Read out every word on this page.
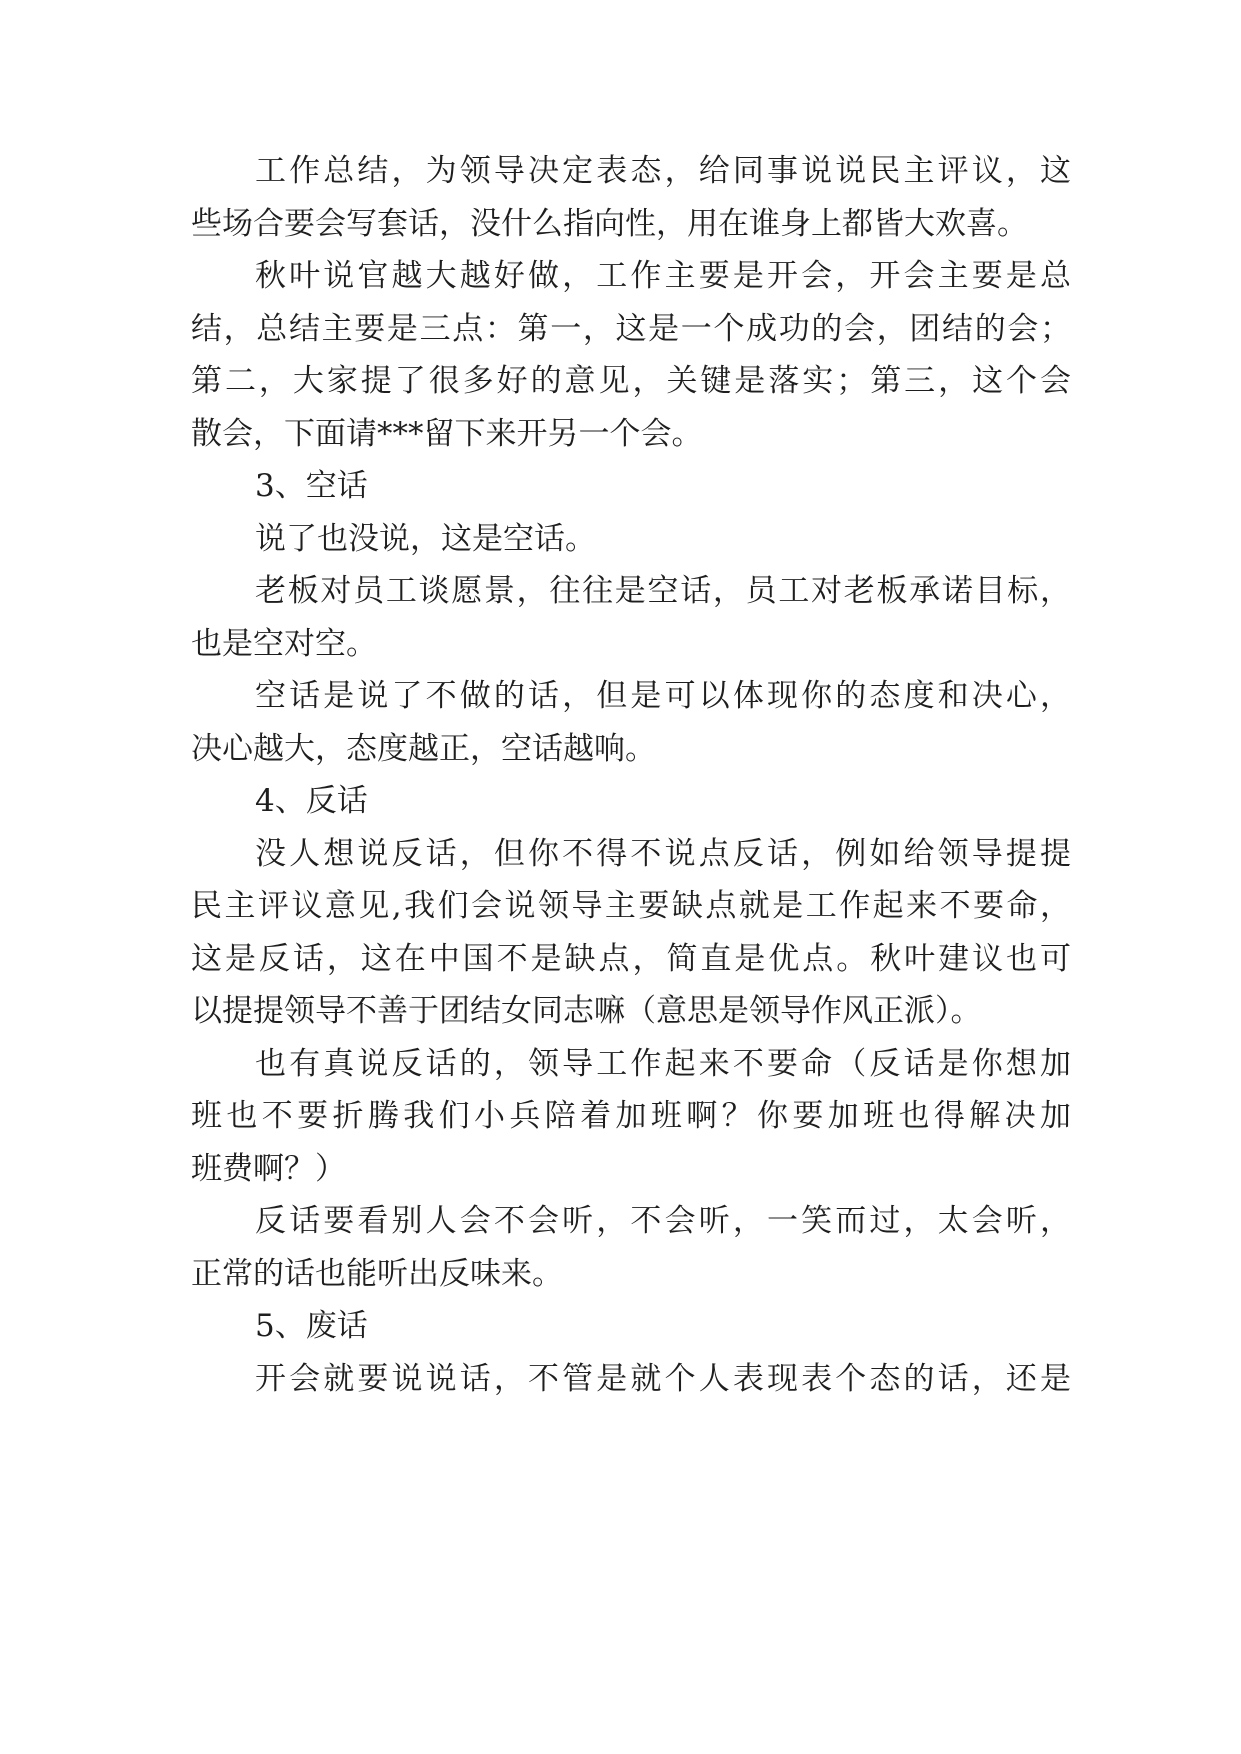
工作总结，为领导决定表态，给同事说说民主评议，这
些场合要会写套话，没什么指向性，用在谁身上都皆大欢喜。
秋叶说官越大越好做，工作主要是开会，开会主要是总
结，总结主要是三点：第一，这是一个成功的会，团结的会；
第二，大家提了很多好的意见，关键是落实；第三，这个会
散会，下面请***留下来开另一个会。
3、空话
说了也没说，这是空话。
老板对员工谈愿景，往往是空话，员工对老板承诺目标，
也是空对空。
空话是说了不做的话，但是可以体现你的态度和决心，
决心越大，态度越正，空话越响。
4、反话
没人想说反话，但你不得不说点反话，例如给领导提提
民主评议意见,我们会说领导主要缺点就是工作起来不要命，
这是反话，这在中国不是缺点，简直是优点。秋叶建议也可
以提提领导不善于团结女同志嘛（意思是领导作风正派）。
也有真说反话的，领导工作起来不要命（反话是你想加
班也不要折腾我们小兵陪着加班啊？你要加班也得解决加
班费啊？）
反话要看别人会不会听，不会听，一笑而过，太会听，
正常的话也能听出反味来。
5、废话
开会就要说说话，不管是就个人表现表个态的话，还是
